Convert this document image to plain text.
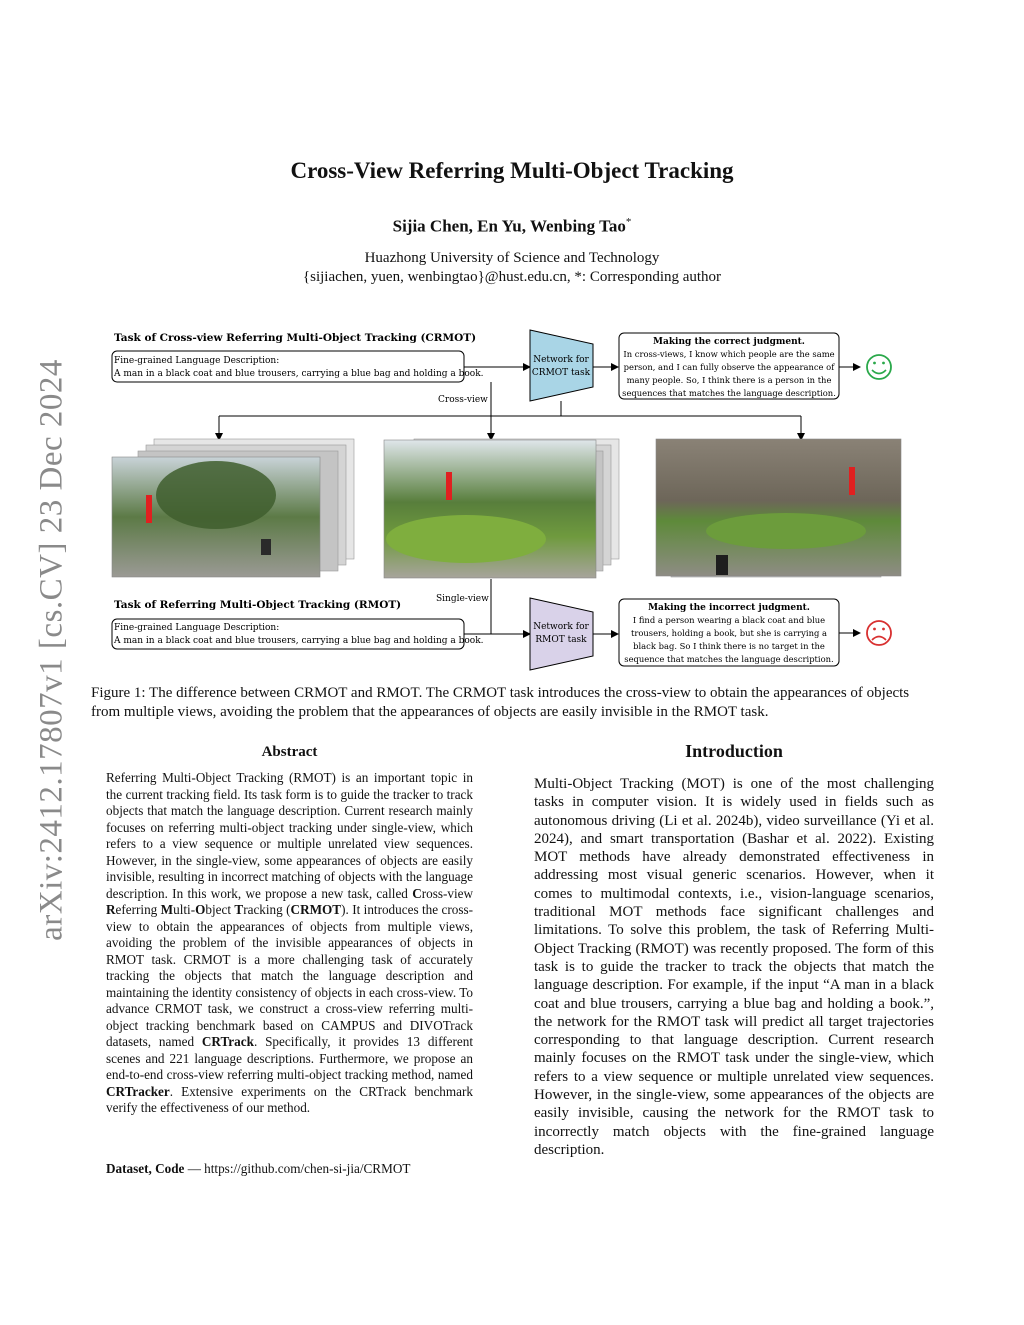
arXiv:2412.17807v1 [cs.CV] 23 Dec 2024
Cross-View Referring Multi-Object Tracking
Sijia Chen, En Yu, Wenbing Tao*
Huazhong University of Science and Technology
{sijiachen, yuen, wenbingtao}@hust.edu.cn, *: Corresponding author
Task of Cross-view Referring Multi-Object Tracking (CRMOT)
Fine-grained Language Description:
A man in a black coat and blue trousers, carrying a blue bag and holding a book.
Network for
CRMOT task
Making the correct judgment.
In cross-views, I know which people are the same
person, and I can fully observe the appearance of
many people. So, I think there is a person in the
sequences that matches the language description.
Cross-view
Single-view
Task of Referring Multi-Object Tracking (RMOT)
Fine-grained Language Description:
A man in a black coat and blue trousers, carrying a blue bag and holding a book.
Network for
RMOT task
Making the incorrect judgment.
I find a person wearing a black coat and blue
trousers, holding a book, but she is carrying a
black bag. So I think there is no target in the
sequence that matches the language description.
Figure 1: The difference between CRMOT and RMOT. The CRMOT task introduces the cross-view to obtain the appearances of objects from multiple views, avoiding the problem that the appearances of objects are easily invisible in the RMOT task.
Abstract
Referring Multi-Object Tracking (RMOT) is an important topic in the current tracking field. Its task form is to guide the tracker to track objects that match the language description. Current research mainly focuses on referring multi-object tracking under single-view, which refers to a view sequence or multiple unrelated view sequences. However, in the single-view, some appearances of objects are easily invisible, resulting in incorrect matching of objects with the language description. In this work, we propose a new task, called Cross-view Referring Multi-Object Tracking (CRMOT). It introduces the cross-view to obtain the appearances of objects from multiple views, avoiding the problem of the invisible appearances of objects in RMOT task. CRMOT is a more challenging task of accurately tracking the objects that match the language description and maintaining the identity consistency of objects in each cross-view. To advance CRMOT task, we construct a cross-view referring multi-object tracking benchmark based on CAMPUS and DIVOTrack datasets, named CRTrack. Specifically, it provides 13 different scenes and 221 language descriptions. Furthermore, we propose an end-to-end cross-view referring multi-object tracking method, named CRTracker. Extensive experiments on the CRTrack benchmark verify the effectiveness of our method.
Dataset, Code — https://github.com/chen-si-jia/CRMOT
Introduction
Multi-Object Tracking (MOT) is one of the most challenging tasks in computer vision. It is widely used in fields such as autonomous driving (Li et al. 2024b), video surveillance (Yi et al. 2024), and smart transportation (Bashar et al. 2022). Existing MOT methods have already demonstrated effectiveness in addressing most visual generic scenarios. However, when it comes to multimodal contexts, i.e., vision-language scenarios, traditional MOT methods face significant challenges and limitations. To solve this problem, the task of Referring Multi-Object Tracking (RMOT) was recently proposed. The form of this task is to guide the tracker to track the objects that match the language description. For example, if the input “A man in a black coat and blue trousers, carrying a blue bag and holding a book.”, the network for the RMOT task will predict all target trajectories corresponding to that language description. Current research mainly focuses on the RMOT task under the single-view, which refers to a view sequence or multiple unrelated view sequences. However, in the single-view, some appearances of the objects are easily invisible, causing the network for the RMOT task to incorrectly match objects with the fine-grained language description.
